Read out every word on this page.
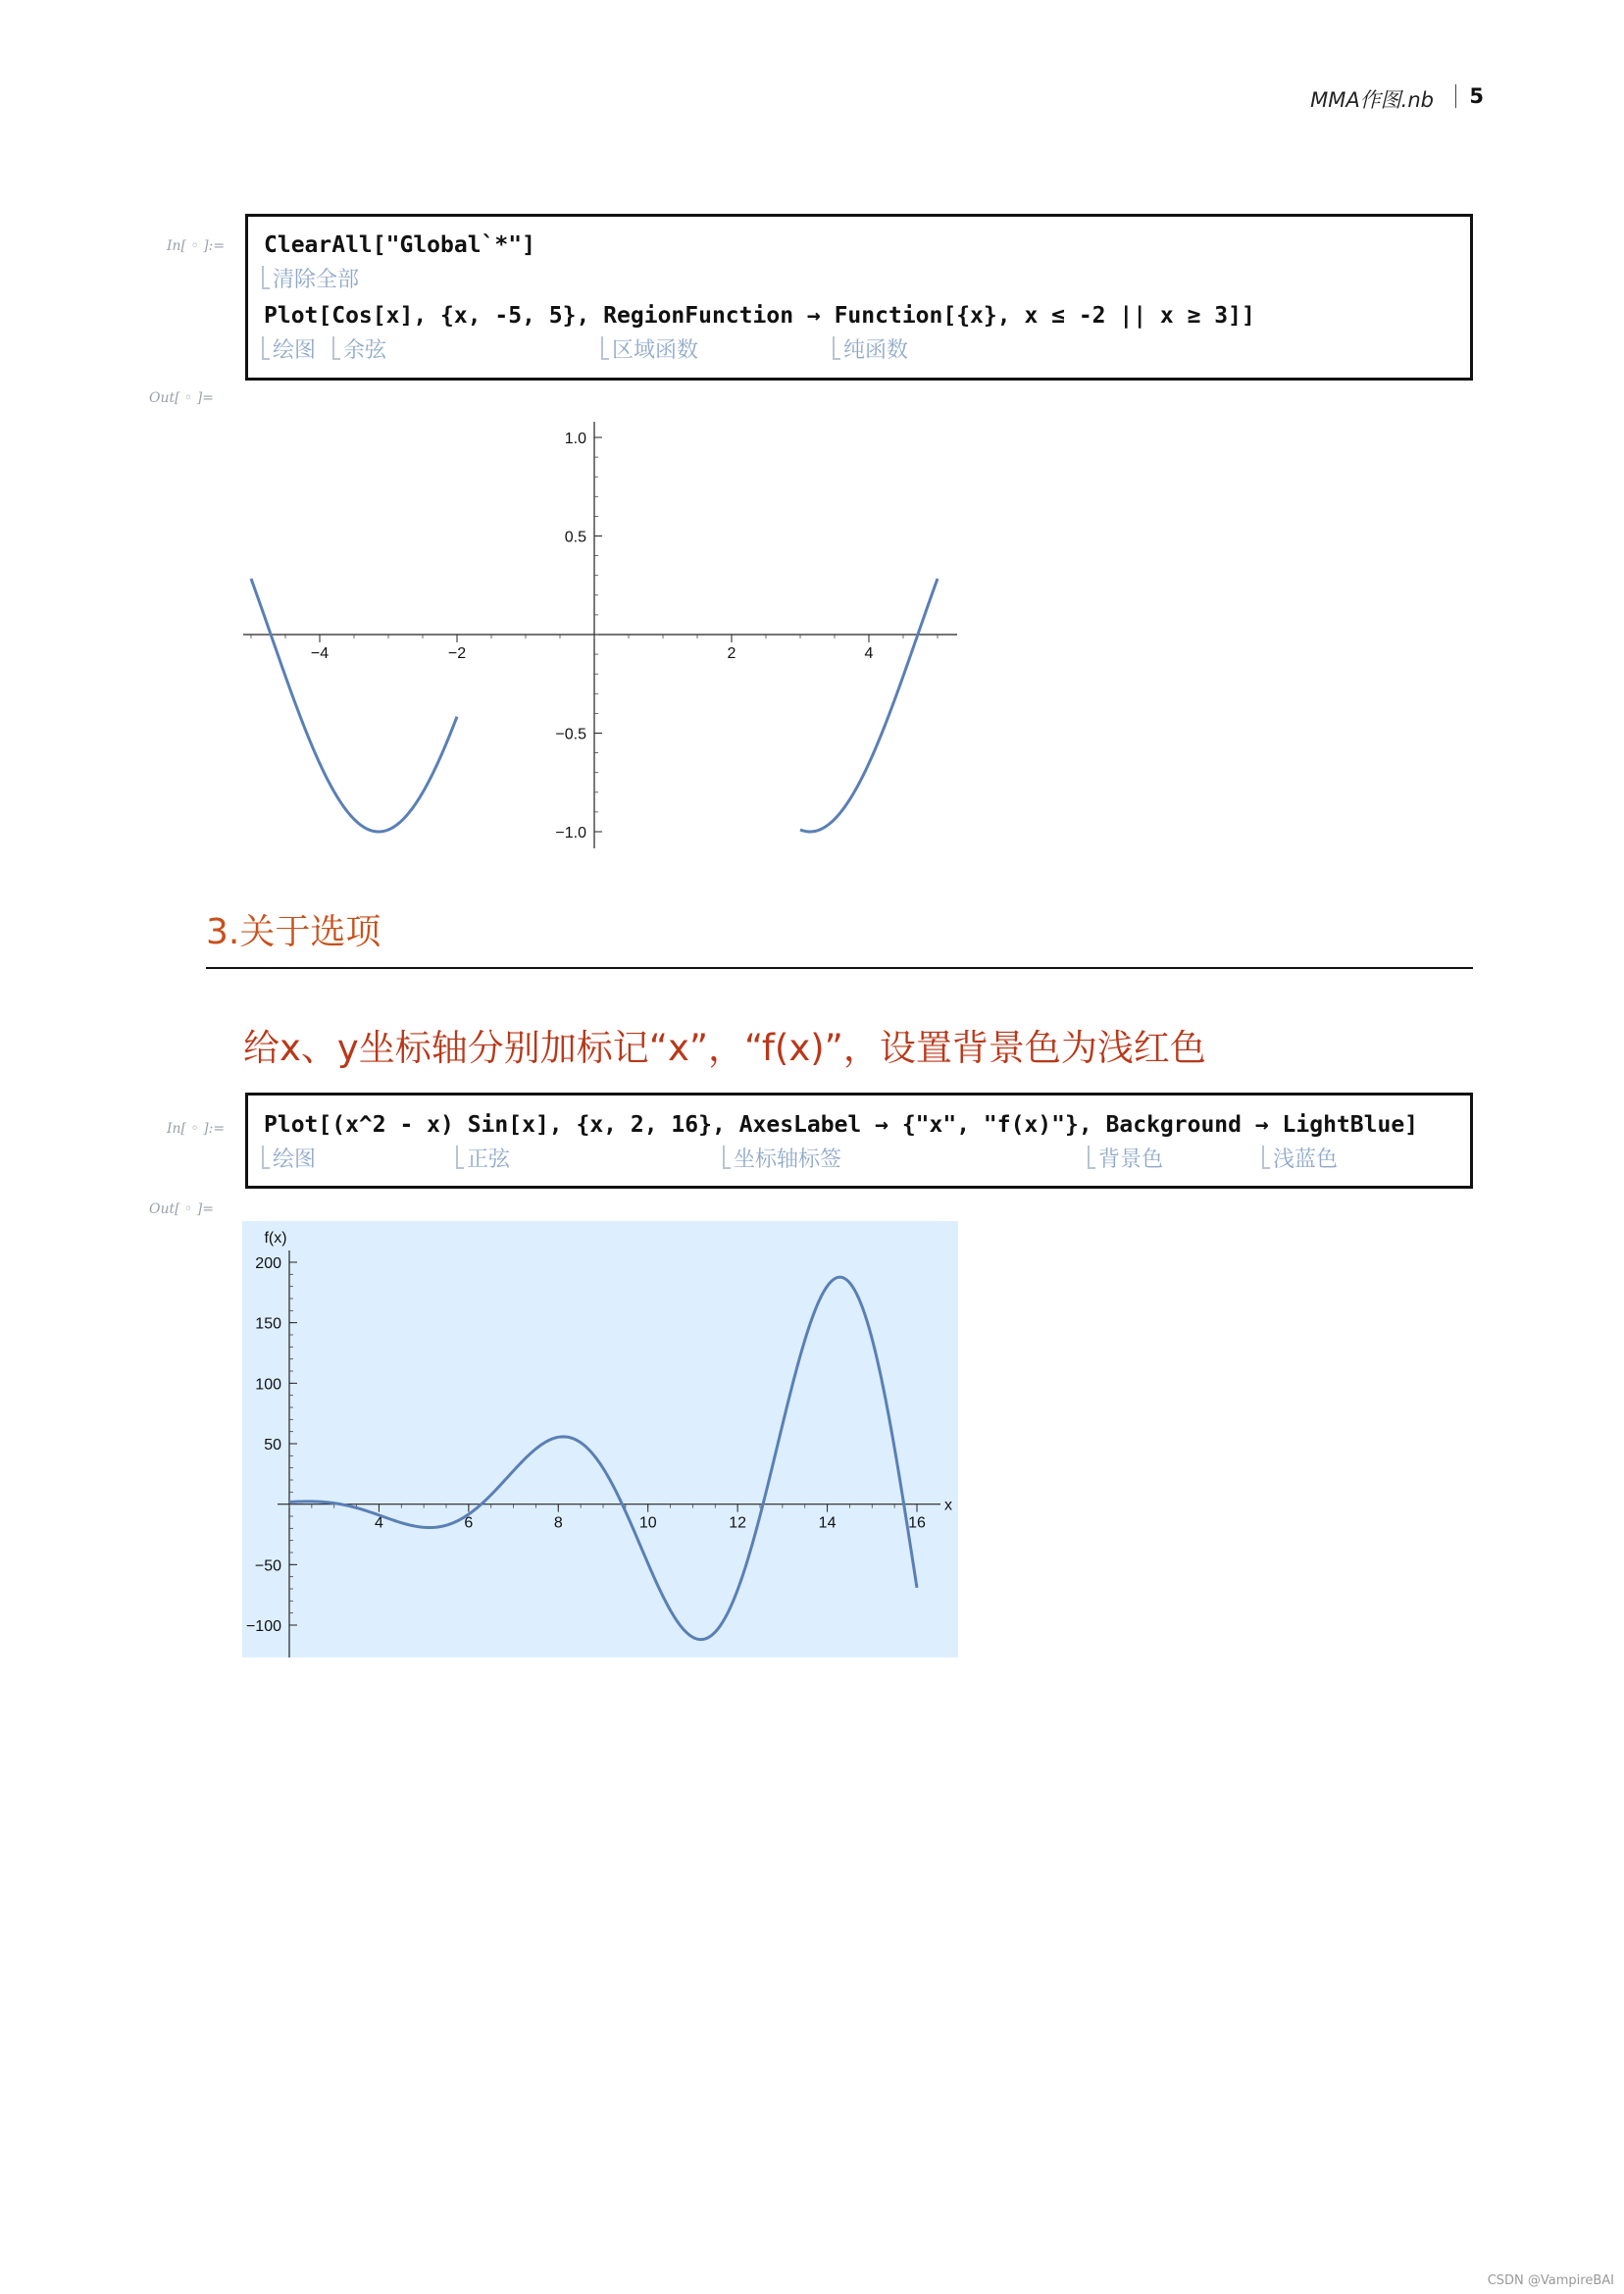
MMA作图.nb 5
In[ ◦ ]:= ClearAll["Global`*"]
清除全部
Plot[Cos[x], {x, -5, 5}, RegionFunction → Function[{x}, x ≤ -2 || x ≥ 3]]
绘图	余弦	区域函数	纯函数
Out[ ◦ ]=
−4	−2	2	4
1.0
0.5
−0.5
−1.0
3.关于选项
给x、y坐标轴分别加标记“x”，“f(x)”，设置背景色为浅红色
In[ ◦ ]:= Plot[(x^2 - x) Sin[x], {x, 2, 16}, AxesLabel → {"x", "f(x)"}, Background → LightBlue]
绘图	正弦	坐标轴标签	背景色	浅蓝色
Out[ ◦ ]=
4	6	8	10	12	14	16
200
150
100
50
−50
−100
x
f(x)
CSDN @VampireBAI
